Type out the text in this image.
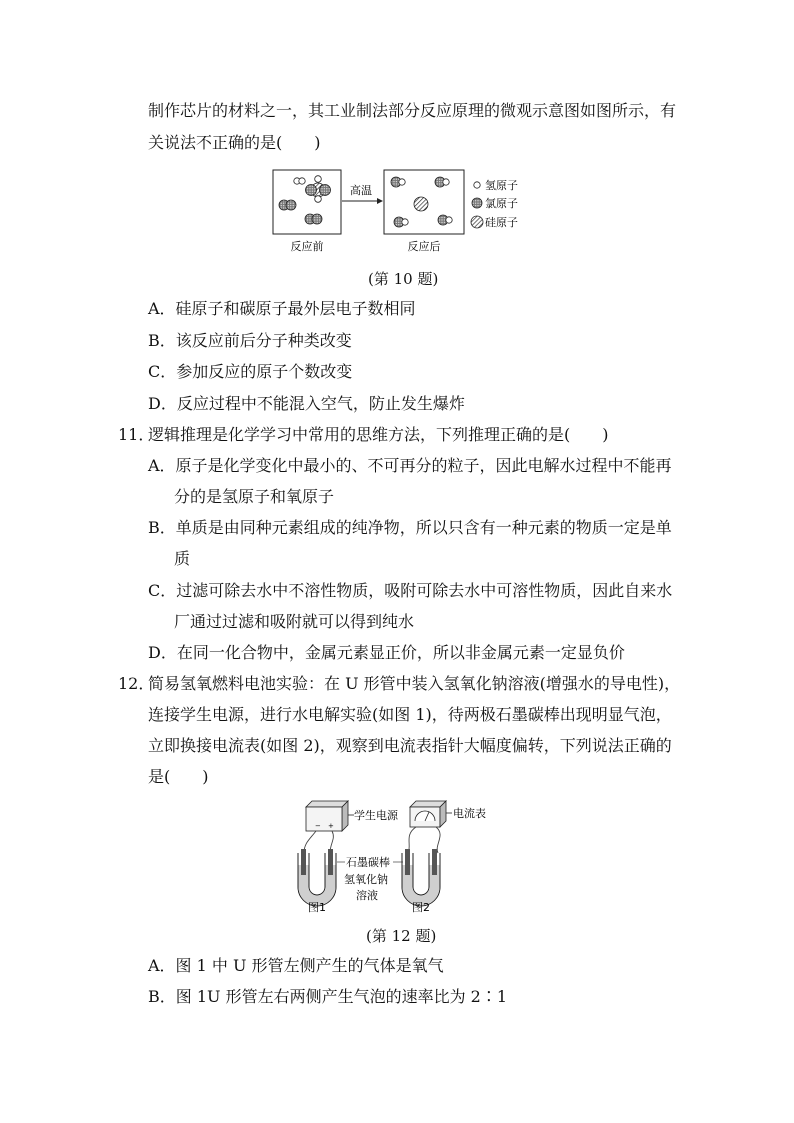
制作芯片的材料之一，其工业制法部分反应原理的微观示意图如图所示，有
关说法不正确的是(　　)
反应前
高温
反应后
氢原子
氯原子
硅原子
(第 10 题)
A．硅原子和碳原子最外层电子数相同
B．该反应前后分子种类改变
C．参加反应的原子个数改变
D．反应过程中不能混入空气，防止发生爆炸
11．
逻辑推理是化学学习中常用的思维方法，下列推理正确的是(　　)
A．原子是化学变化中最小的、不可再分的粒子，因此电解水过程中不能再
分的是氢原子和氧原子
B．单质是由同种元素组成的纯净物，所以只含有一种元素的物质一定是单
质
C．过滤可除去水中不溶性物质，吸附可除去水中可溶性物质，因此自来水
厂通过过滤和吸附就可以得到纯水
D．在同一化合物中，金属元素显正价，所以非金属元素一定显负价
12．
简易氢氧燃料电池实验：在 U 形管中装入氢氧化钠溶液(增强水的导电性)，
连接学生电源，进行水电解实验(如图 1)，待两极石墨碳棒出现明显气泡，
立即换接电流表(如图 2)，观察到电流表指针大幅度偏转，下列说法正确的
是(　　)
− +
学生电源
图1
石墨碳棒
氢氧化钠
溶液
电流表
图2
(第 12 题)
A．图 1 中 U 形管左侧产生的气体是氧气
B．图 1U 形管左右两侧产生气泡的速率比为 2∶1
